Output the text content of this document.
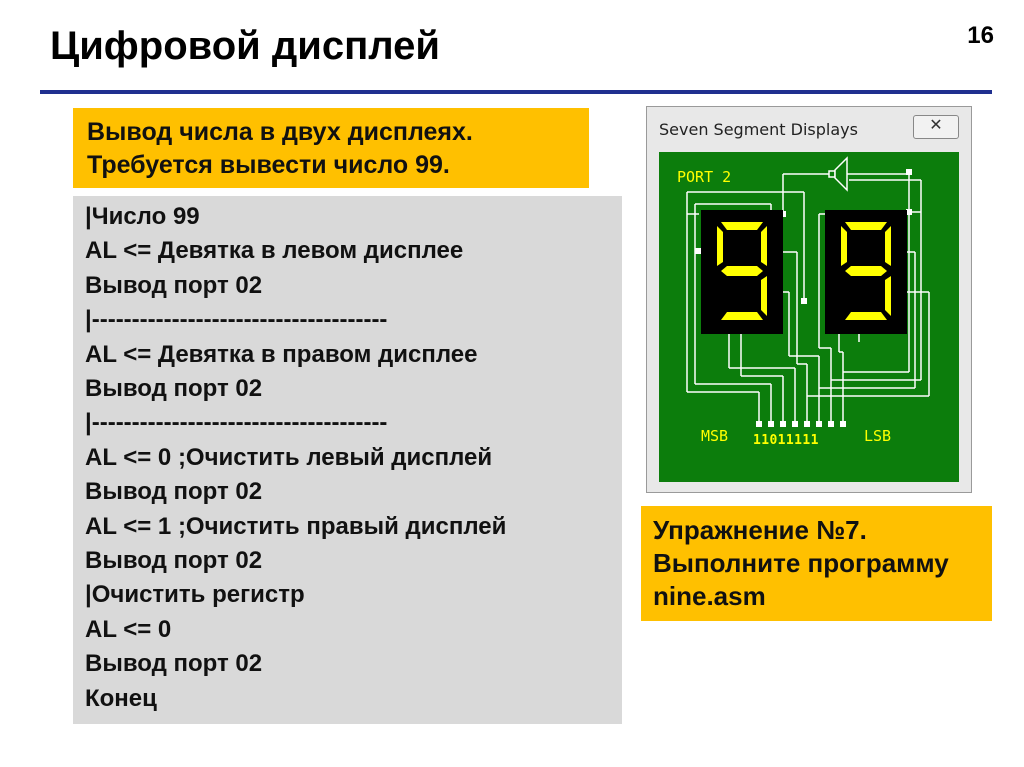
Цифровой дисплей	16
Вывод числа в двух дисплеях.
Требуется вывести число 99.
|Число 99
AL <= Девятка в левом дисплее
Вывод порт 02
|-------------------------------------
AL <= Девятка в правом дисплее
Вывод порт 02
|-------------------------------------
AL <= 0 ;Очистить левый дисплей
Вывод порт 02
AL <= 1 ;Очистить правый дисплей
Вывод порт 02
|Очистить регистр
AL <= 0
Вывод порт 02
Конец
Seven Segment Displays	✕
PORT 2
MSB	LSB
11011111
Упражнение №7.
Выполните программу
nine.asm
